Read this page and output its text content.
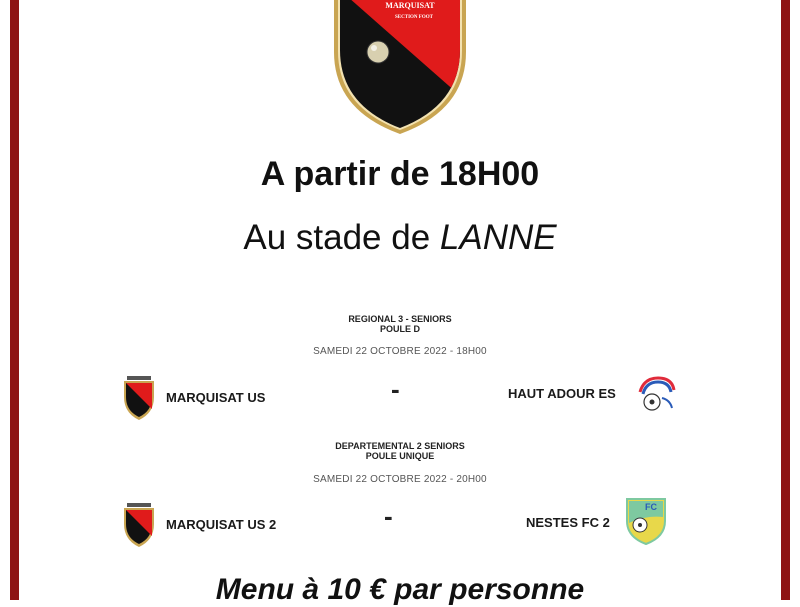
MARQUISAT
SECTION FOOT
A partir de 18H00
Au stade de LANNE
REGIONAL 3 - SENIORS
POULE D
SAMEDI 22 OCTOBRE 2022 - 18H00
MARQUISAT US	-	HAUT ADOUR ES
DEPARTEMENTAL 2 SENIORS
POULE UNIQUE
SAMEDI 22 OCTOBRE 2022 - 20H00
MARQUISAT US 2	-	NESTES FC 2
FC
Menu à 10 € par personne
